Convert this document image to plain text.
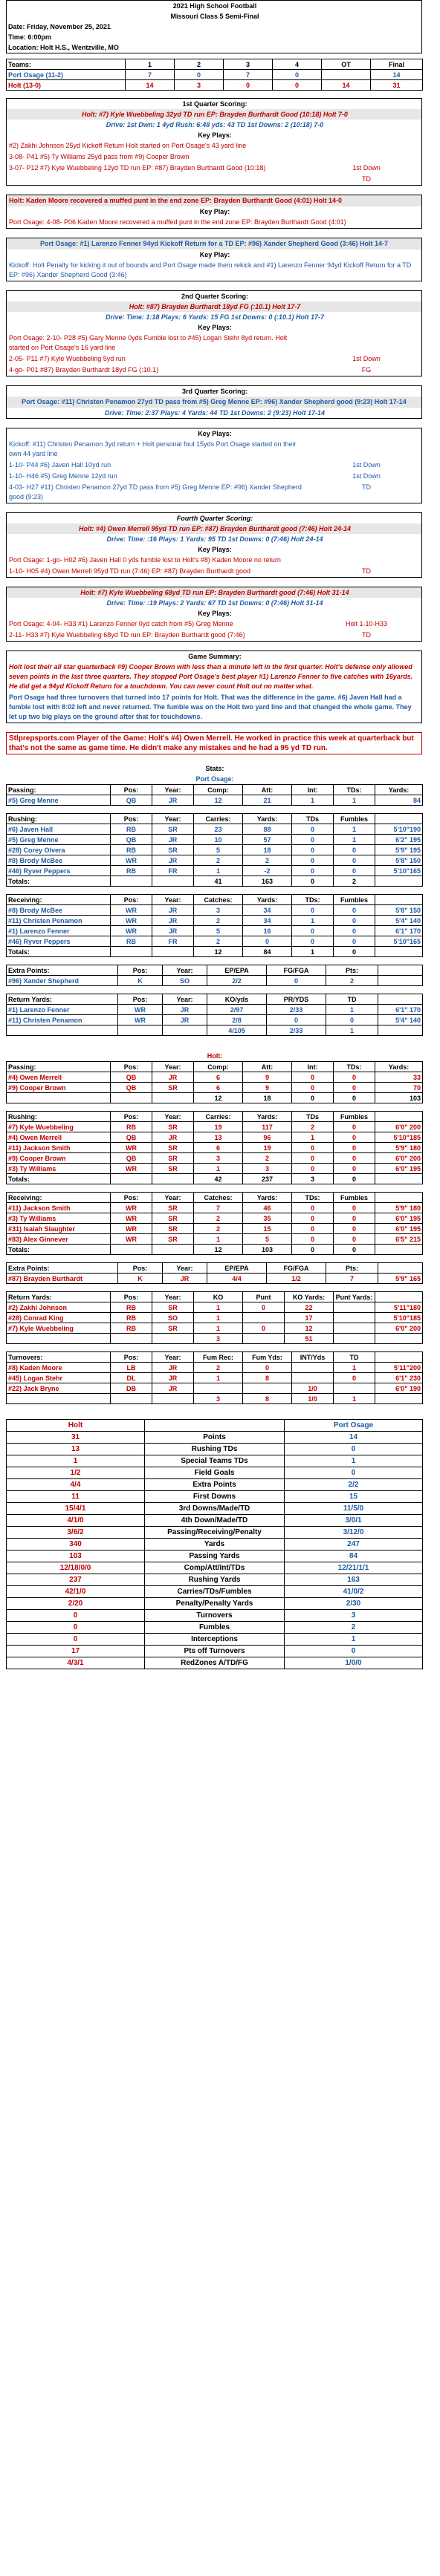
2021 High School Football
Missouri Class 5 Semi-Final
Date: Friday, November 25, 2021
Time: 6:00pm
Location: Holt H.S., Wentzville, MO
Teams:	1	2	3	4	OT	Final
Port Osage (11-2)	7	0	7	0		14
Holt (13-0)	14	3	0	0	14	31
1st Quarter Scoring:
Holt: #7) Kyle Wuebbeling 32yd TD run EP: Brayden Burthardt Good (10:18) Holt 7-0
Drive: 1st Dwn: 1 4yd Rush: 6:48 yds: 43 TD 1st Downs: 2 (10:18) 7-0
Key Plays:
#2) Zakhi Johnson 25yd Kickoff Return Holt started on Port Osage's 43 yard line
3-08- P41 #5) Ty Williams 25yd pass from #9) Cooper Brown
3-07- P12 #7) Kyle Wuebbeling 12yd TD run EP: #87) Brayden Burthardt Good (10:18)	1st Down
TD
Holt: Kaden Moore recovered a muffed punt in the end zone EP: Brayden Burthardt Good (4:01) Holt 14-0
Key Play:
Port Osage: 4-08- P06 Kaden Moore recovered a muffed punt in the end zone EP: Brayden Burthardt Good (4:01)
Port Osage: #1) Larenzo Fenner 94yd Kickoff Return for a TD EP: #96) Xander Shepherd Good (3:46) Holt 14-7
Key Play:
Kickoff: Holt Penalty for kicking it out of bounds and Port Osage made them rekick and #1) Larenzo Fenner 94yd Kickoff Return for a TD EP: #96) Xander Shepherd Good (3:46)
2nd Quarter Scoring:
Holt: #87) Brayden Burthardt 18yd FG (:10.1) Holt 17-7
Drive: Time: 1:18 Plays: 6 Yards: 15 FG 1st Downs: 0 (:10.1) Holt 17-7
Key Plays:
Port Osage: 2-10- P28 #5) Gary Menne 0yds Fumble lost to #45) Logan Stehr 8yd return. Holt started on Port Osage's 16 yard line
2-05- P11 #7) Kyle Wuebbeling 5yd run
4-go- P01 #87) Brayden Burthardt 18yd FG (:10.1)
1st Down
FG
3rd Quarter Scoring:
Port Osage: #11) Christen Penamon 27yd TD pass from #5) Greg Menne EP: #96) Xander Shepherd good (9:23) Holt 17-14
Drive: Time: 2:37 Plays: 4 Yards: 44 TD 1st Downs: 2 (9:23) Holt 17-14
Key Plays:
Kickoff: #11) Christen Penamon 3yd return + Holt personal foul 15yds Port Osage started on their own 44 yard line
1-10- P44 #6) Javen Hall 10yd run
1-10- H46 #5) Greg Menne 12yd run
4-03- H27 #11) Christen Penamon 27yd TD pass from #5) Greg Menne EP: #96) Xander Shepherd good (9:23)
1st Down
1st Down
TD
Fourth Quarter Scoring:
Holt: #4) Owen Merrell 95yd TD run EP: #87) Brayden Burthardt good (7:46) Holt 24-14
Drive: Time: :16 Plays: 1 Yards: 95 TD 1st Downs: 0 (7:46) Holt 24-14
Key Plays:
Port Osage: 1-go- H02 #6) Javen Hall 0 yds fumble lost to Holt's #8) Kaden Moore no return
1-10- H05 #4) Owen Merrell 95yd TD run (7:46) EP: #87) Brayden Burthardt good	TD
Holt: #7) Kyle Wuebbeling 68yd TD run EP: Brayden Burthardt good (7:46) Holt 31-14
Drive: Time: :19 Plays: 2 Yards: 67 TD 1st Downs: 0 (7:46) Holt 31-14
Key Plays:
Port Osage: 4-04- H33 #1) Larenzo Fenner 0yd catch from #5) Greg Menne
2-11- H33 #7) Kyle Wuebbeling 68yd TD run EP: Brayden Burthardt good (7:46)
Holt 1-10-H33
TD
Game Summary:
Holt lost their all star quarterback #9) Cooper Brown with less than a minute left in the first quarter. Holt's defense only allowed seven points in the last three quarters. They stopped Port Osage's best player #1) Larenzo Fenner to five catches with 16yards. He did get a 94yd Kickoff Return for a touchdown. You can never count Holt out no matter what.
Port Osage had three turnovers that turned into 17 points for Holt. That was the difference in the game. #6) Javen Hall had a fumble lost with 8:02 left and never returned. The fumble was on the Holt two yard line and that changed the whole game. They let up two big plays on the ground after that for touchdowns.
Stlprepsports.com Player of the Game: Holt's #4) Owen Merrell. He worked in practice this week at quarterback but that's not the same as game time. He didn't make any mistakes and he had a 95 yd TD run.
Stats:
Port Osage:
Passing:	Pos:	Year:	Comp:	Att:	Int:	TDs:	Yards:
#5) Greg Menne	QB	JR	12	21	1	1	84
Rushing:	Pos:	Year:	Carries:	Yards:	TDs	Fumbles	
#6) Javen Hall	RB	SR	23	88	0	1	5'10"190
#5) Greg Menne	QB	JR	10	57	0	1	6'2" 195
#28) Corey Olvera	RB	SR	5	18	0	0	5'9" 195
#8) Brody McBee	WR	JR	2	2	0	0	5'8" 150
#46) Ryver Peppers	RB	FR	1	-2	0	0	5'10"165
Totals:			41	163	0	2	
Receiving:	Pos:	Year:	Catches:	Yards:	TDs:	Fumbles	
#8) Brody McBee	WR	JR	3	34	0	0	5'8" 150
#11) Christen Penamon	WR	JR	2	34	1	0	5'4" 140
#1) Larenzo Fenner	WR	JR	5	16	0	0	6'1" 170
#46) Ryver Peppers	RB	FR	2	0	0	0	5'10"165
Totals:			12	84	1	0	
Extra Points:	Pos:	Year:	EP/EPA	FG/FGA	Pts:	
#96) Xander Shepherd	K	SO	2/2	0	2	
Return Yards:	Pos:	Year:	KO/yds	PR/YDS	TD	
#1) Larenzo Fenner	WR	JR	2/97	2/33	1	6'1" 170
#11) Christen Penamon	WR	JR	2/8	0	0	5'4" 140
			4/105	2/33	1	
Holt:
Passing:	Pos:	Year:	Comp:	Att:	Int:	TDs:	Yards:
#4) Owen Merrell	QB	JR	6	9	0	0	33
#9) Cooper Brown	QB	SR	6	9	0	0	70
			12	18	0	0	103
Rushing:	Pos:	Year:	Carries:	Yards:	TDs	Fumbles	
#7) Kyle Wuebbeling	RB	SR	19	117	2	0	6'0" 200
#4) Owen Merrell	QB	JR	13	96	1	0	5'10"185
#11) Jackson Smith	WR	SR	6	19	0	0	5'9" 180
#9) Cooper Brown	QB	SR	3	2	0	0	6'0" 200
#3) Ty Williams	WR	SR	1	3	0	0	6'0" 195
Totals:			42	237	3	0	
Receiving:	Pos:	Year:	Catches:	Yards:	TDs:	Fumbles	
#11) Jackson Smith	WR	SR	7	46	0	0	5'9" 180
#3) Ty Williams	WR	SR	2	35	0	0	6'0" 195
#31) Isaiah Slaughter	WR	SR	2	15	0	0	6'0" 195
#83) Alex Ginnever	WR	SR	1	5	0	0	6'5" 215
Totals:			12	103	0	0	
Extra Points:	Pos:	Year:	EP/EPA	FG/FGA	Pts:	
#87) Brayden Burthardt	K	JR	4/4	1/2	7	5'9" 165
Return Yards:	Pos:	Year:	KO	Punt	KO Yards:	Punt Yards:	
#2) Zakhi Johnson	RB	SR	1	0	22		5'11"180
#28) Conrad King	RB	SO	1		17		5'10"185
#7) Kyle Wuebbeling	RB	SR	1	0	12		6'0" 200
			3		51		
Turnovers:	Pos:	Year:	Fum Rec:	Fum Yds:	INT/Yds	TD	
#8) Kaden Moore	LB	JR	2	0		1	5'11"200
#45) Logan Stehr	DL	JR	1	8		0	6'1" 230
#22) Jack Bryne	DB	JR			1/0		6'0" 190
			3	8	1/0	1	
Holt		Port Osage
31	Points	14
13	Rushing TDs	0
1	Special Teams TDs	1
1/2	Field Goals	0
4/4	Extra Points	2/2
11	First Downs	15
15/4/1	3rd Downs/Made/TD	11/5/0
4/1/0	4th Down/Made/TD	3/0/1
3/6/2	Passing/Receiving/Penalty	3/12/0
340	Yards	247
103	Passing Yards	84
12/18/0/0	Comp/Att/Int/TDs	12/21/1/1
237	Rushing Yards	163
42/1/0	Carries/TDs/Fumbles	41/0/2
2/20	Penalty/Penalty Yards	2/30
0	Turnovers	3
0	Fumbles	2
0	Interceptions	1
17	Pts off Turnovers	0
4/3/1	RedZones A/TD/FG	1/0/0
